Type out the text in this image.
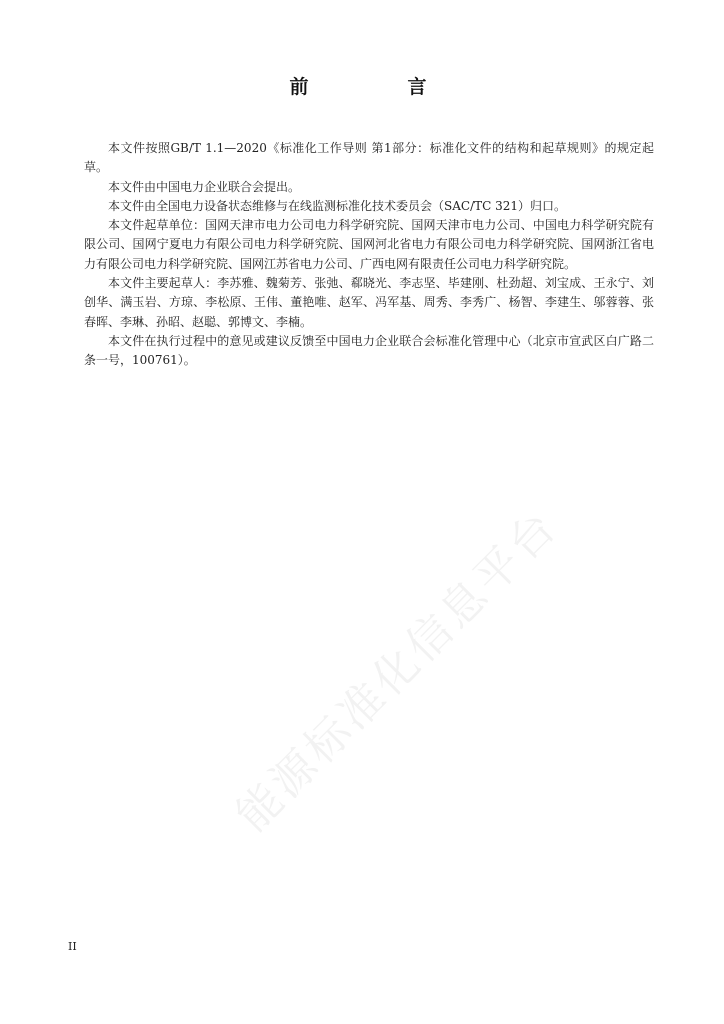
前　言

本文件按照GB/T 1.1—2020《标准化工作导则 第1部分：标准化文件的结构和起草规则》的规定起草。

本文件由中国电力企业联合会提出。

本文件由全国电力设备状态维修与在线监测标准化技术委员会（SAC/TC 321）归口。

本文件起草单位：国网天津市电力公司电力科学研究院、国网天津市电力公司、中国电力科学研究院有限公司、国网宁夏电力有限公司电力科学研究院、国网河北省电力有限公司电力科学研究院、国网浙江省电力有限公司电力科学研究院、国网江苏省电力公司、广西电网有限责任公司电力科学研究院。

本文件主要起草人：李苏雅、魏菊芳、张弛、郗晓光、李志坚、毕建刚、杜劲超、刘宝成、王永宁、刘创华、满玉岩、方琼、李松原、王伟、董艳唯、赵军、冯军基、周秀、李秀广、杨智、李建生、邬蓉蓉、张春晖、李琳、孙昭、赵聪、郭博文、李楠。

本文件在执行过程中的意见或建议反馈至中国电力企业联合会标准化管理中心（北京市宣武区白广路二条一号，100761）。

能源标准化信息平台
II
